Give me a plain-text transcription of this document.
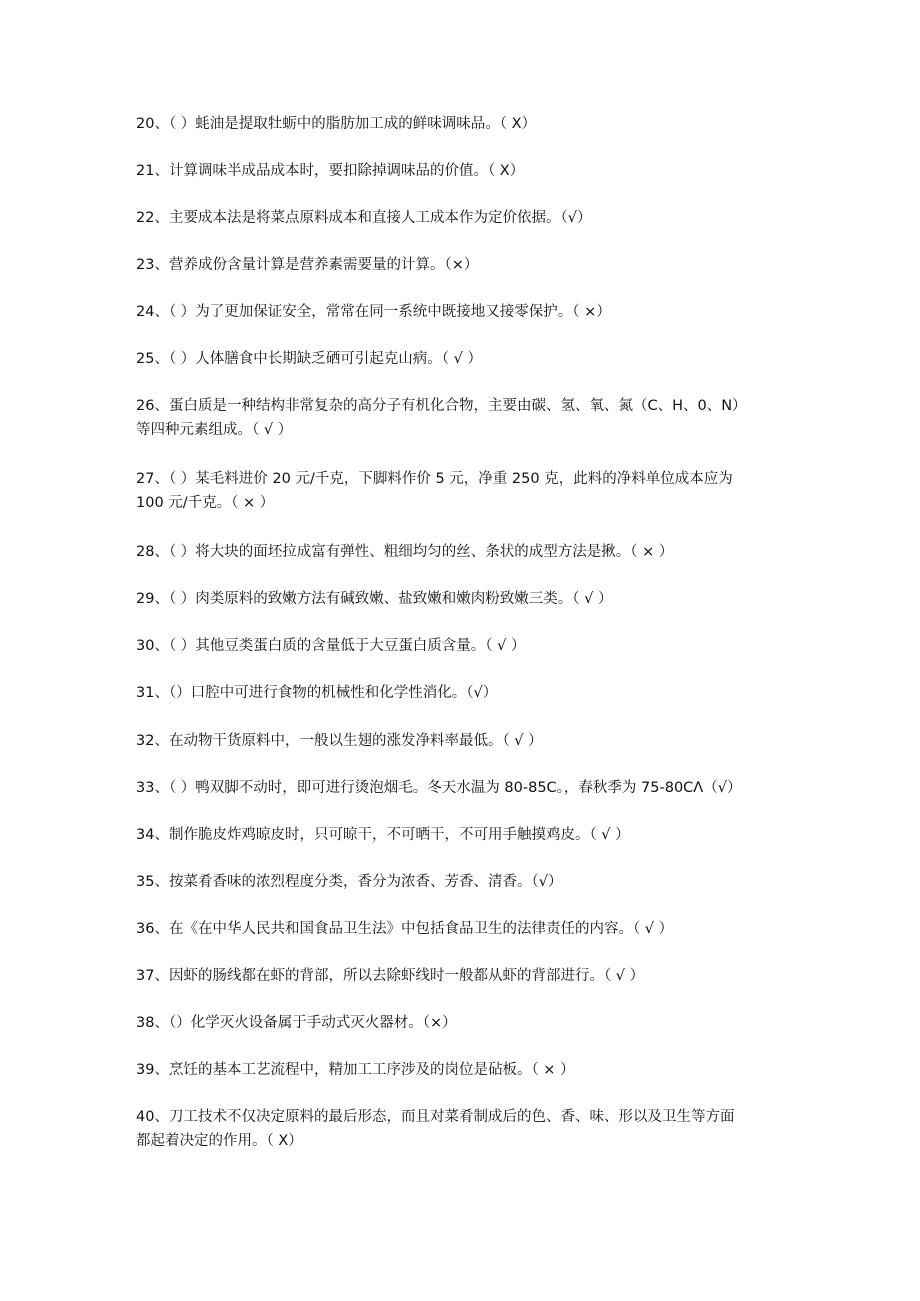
20、（ ）蚝油是提取牡蛎中的脂肪加工成的鲜味调味品。（ X）
21、计算调味半成品成本时，要扣除掉调味品的价值。（ X）
22、主要成本法是将菜点原料成本和直接人工成本作为定价依据。（√）
23、营养成份含量计算是营养素需要量的计算。（×）
24、（ ）为了更加保证安全，常常在同一系统中既接地又接零保护。（ ×）
25、（ ）人体膳食中长期缺乏硒可引起克山病。（ √ ）
26、蛋白质是一种结构非常复杂的高分子有机化合物，主要由碳、氢、氧、氮（C、H、0、N）
等四种元素组成。（ √ ）
27、（ ）某毛料进价 20 元/千克，下脚料作价 5 元，净重 250 克，此料的净料单位成本应为
100 元/千克。（ × ）
28、（ ）将大块的面坯拉成富有弹性、粗细均匀的丝、条状的成型方法是揪。（ × ）
29、（ ）肉类原料的致嫩方法有碱致嫩、盐致嫩和嫩肉粉致嫩三类。（ √ ）
30、（ ）其他豆类蛋白质的含量低于大豆蛋白质含量。（ √ ）
31、（）口腔中可进行食物的机械性和化学性消化。（√）
32、在动物干货原料中，一般以生翅的涨发净料率最低。（ √ ）
33、（ ）鸭双脚不动时，即可进行烫泡烟毛。冬天水温为 80-85C。，春秋季为 75-80CΛ（√）
34、制作脆皮炸鸡晾皮时，只可晾干，不可晒干，不可用手触摸鸡皮。（ √ ）
35、按菜肴香味的浓烈程度分类，香分为浓香、芳香、清香。（√）
36、在《在中华人民共和国食品卫生法》中包括食品卫生的法律责任的内容。（ √ ）
37、因虾的肠线都在虾的背部，所以去除虾线时一般都从虾的背部进行。（ √ ）
38、（）化学灭火设备属于手动式灭火器材。（×）
39、烹饪的基本工艺流程中，精加工工序涉及的岗位是砧板。（ × ）
40、刀工技术不仅决定原料的最后形态，而且对菜肴制成后的色、香、味、形以及卫生等方面
都起着决定的作用。（ X）
